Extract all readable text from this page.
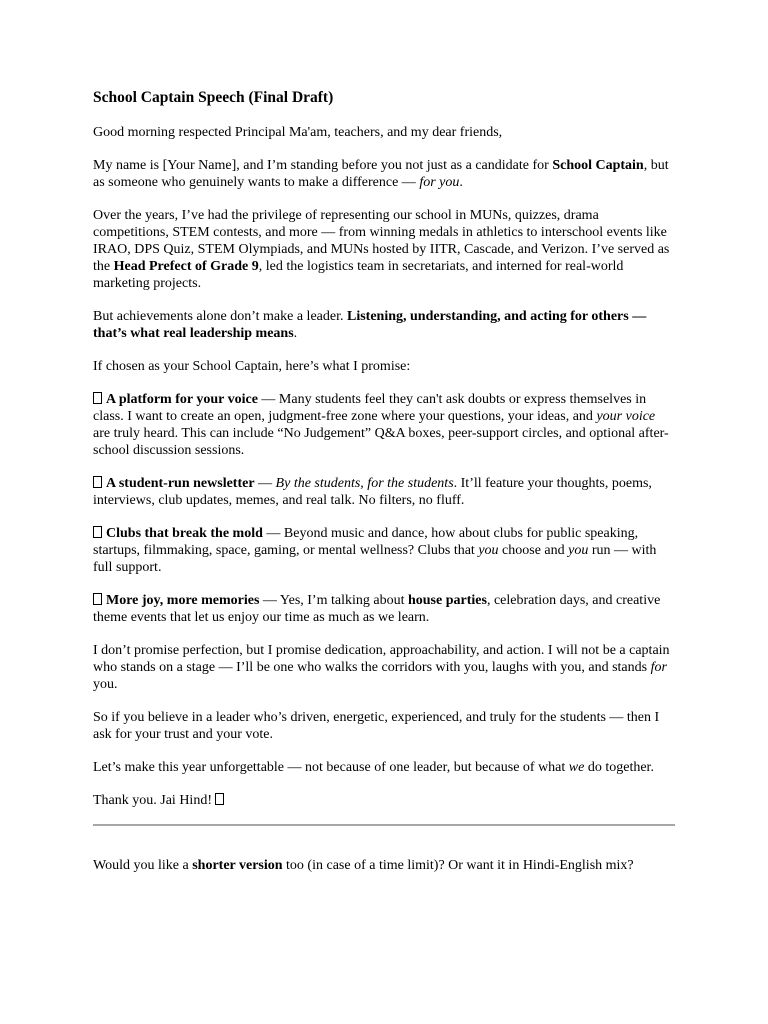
School Captain Speech (Final Draft)

Good morning respected Principal Ma'am, teachers, and my dear friends,

My name is [Your Name], and I’m standing before you not just as a candidate for School Captain, but as someone who genuinely wants to make a difference — for you.

Over the years, I’ve had the privilege of representing our school in MUNs, quizzes, drama competitions, STEM contests, and more — from winning medals in athletics to interschool events like IRAO, DPS Quiz, STEM Olympiads, and MUNs hosted by IITR, Cascade, and Verizon. I’ve served as the Head Prefect of Grade 9, led the logistics team in secretariats, and interned for real-world marketing projects.

But achievements alone don’t make a leader. Listening, understanding, and acting for others — that’s what real leadership means.

If chosen as your School Captain, here’s what I promise:

A platform for your voice — Many students feel they can't ask doubts or express themselves in class. I want to create an open, judgment-free zone where your questions, your ideas, and your voice are truly heard. This can include “No Judgement” Q&A boxes, peer-support circles, and optional after-school discussion sessions.

A student-run newsletter — By the students, for the students. It’ll feature your thoughts, poems, interviews, club updates, memes, and real talk. No filters, no fluff.

Clubs that break the mold — Beyond music and dance, how about clubs for public speaking, startups, filmmaking, space, gaming, or mental wellness? Clubs that you choose and you run — with full support.

More joy, more memories — Yes, I’m talking about house parties, celebration days, and creative theme events that let us enjoy our time as much as we learn.

I don’t promise perfection, but I promise dedication, approachability, and action. I will not be a captain who stands on a stage — I’ll be one who walks the corridors with you, laughs with you, and stands for you.

So if you believe in a leader who’s driven, energetic, experienced, and truly for the students — then I ask for your trust and your vote.

Let’s make this year unforgettable — not because of one leader, but because of what we do together.

Thank you. Jai Hind!

Would you like a shorter version too (in case of a time limit)? Or want it in Hindi-English mix?
